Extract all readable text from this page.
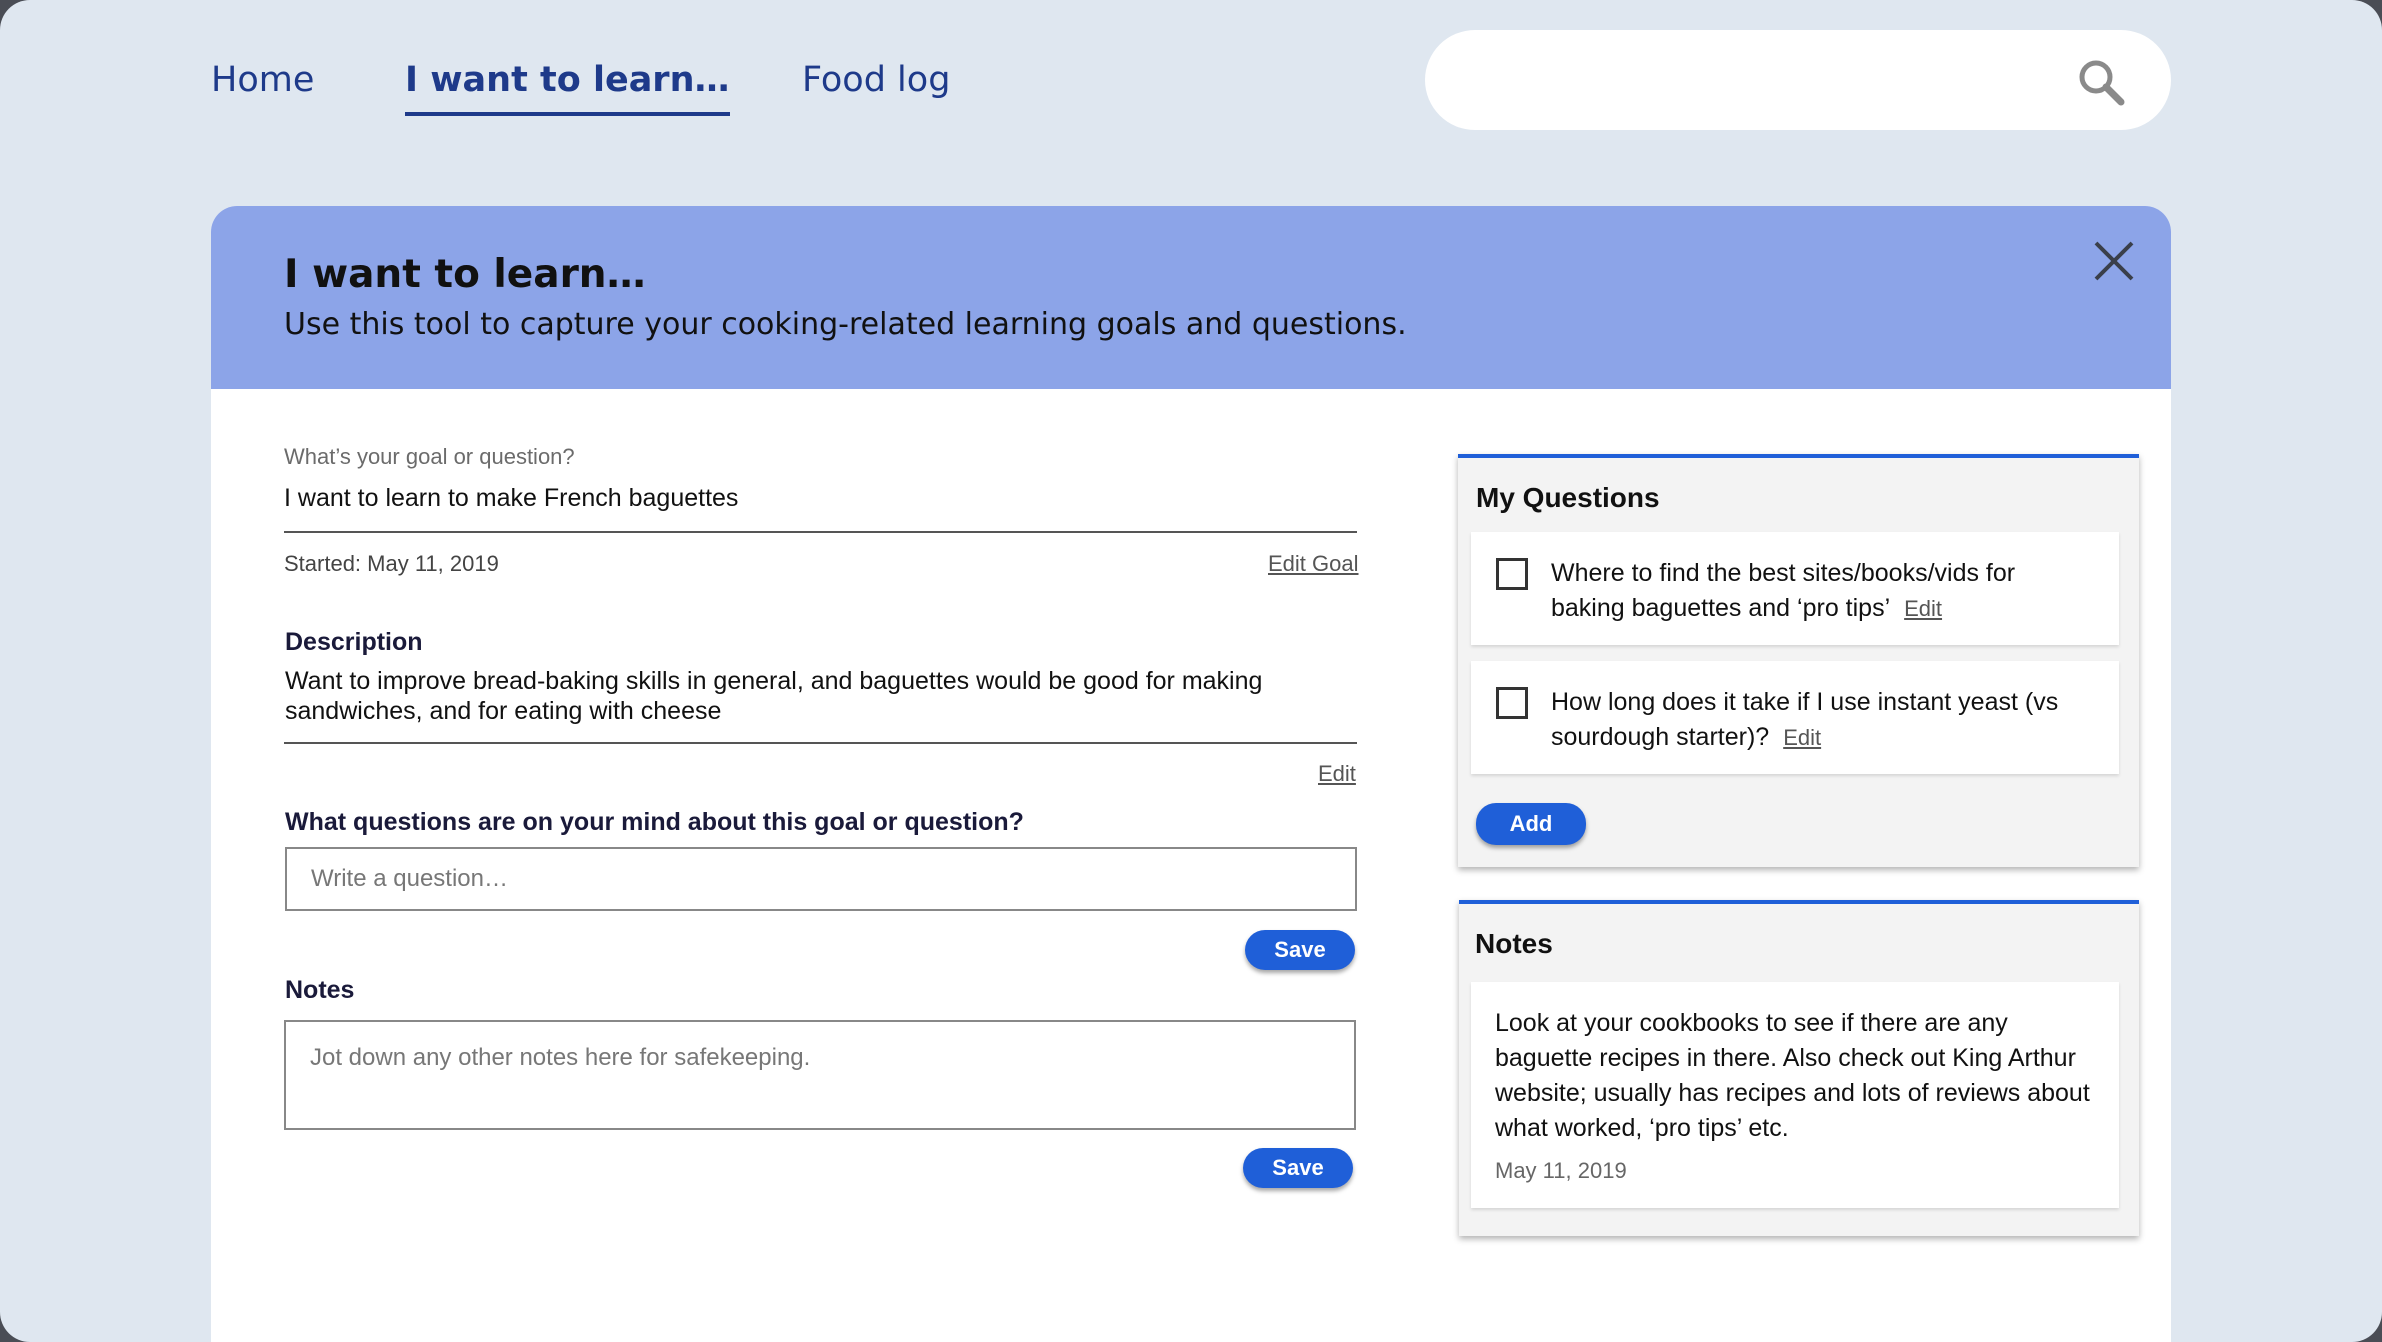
Home	I want to learn… Food log
I want to learn…
Use this tool to capture your cooking-related learning goals and questions.
What’s your goal or question?
I want to learn to make French baguettes
Started: May 11, 2019	Edit Goal
Description
Want to improve bread-baking skills in general, and baguettes would be good for making sandwiches, and for eating with cheese
Edit
What questions are on your mind about this goal or question?
Write a question…
Save
Notes
Jot down any other notes here for safekeeping.
Save
My Questions
Where to find the best sites/books/vids for baking baguettes and ‘pro tips’ Edit
How long does it take if I use instant yeast (vs sourdough starter)? Edit
Add
Notes
Look at your cookbooks to see if there are any baguette recipes in there. Also check out King Arthur website; usually has recipes and lots of reviews about what worked, ‘pro tips’ etc.
May 11, 2019
